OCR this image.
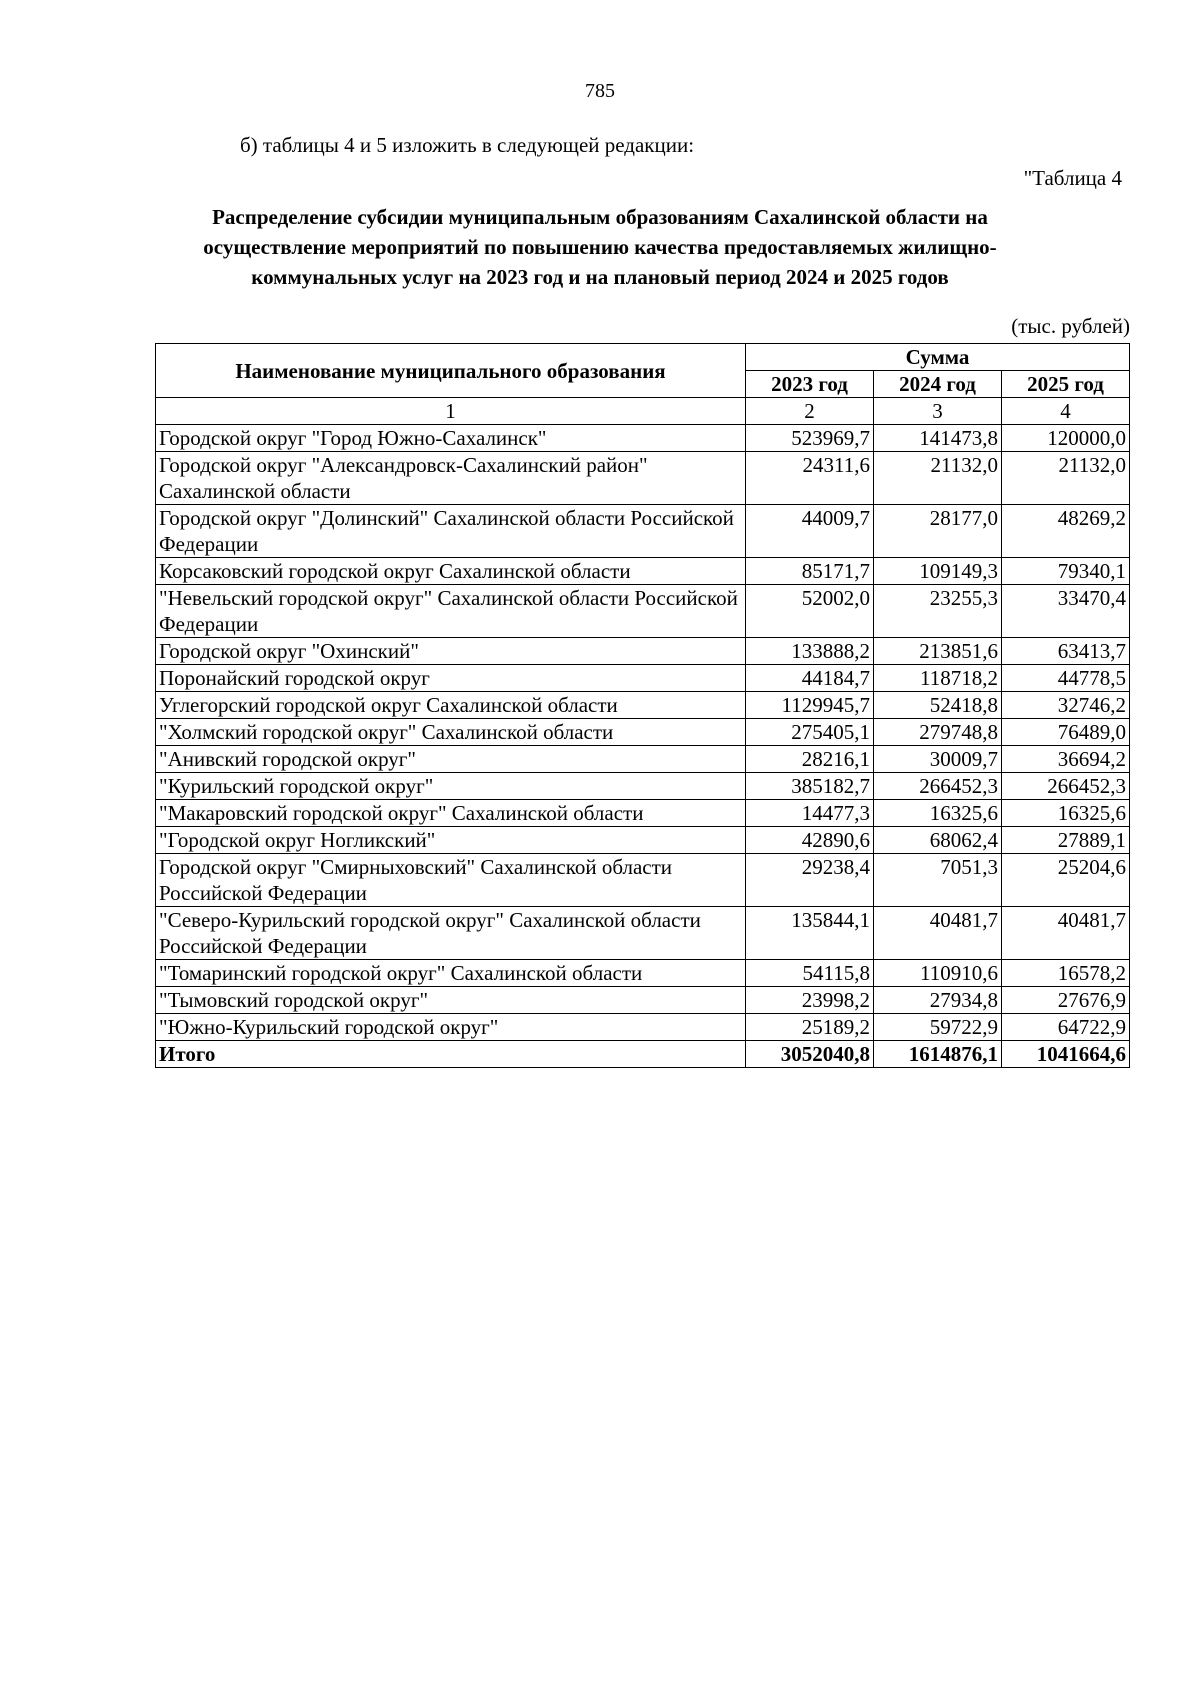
785
б) таблицы 4 и 5 изложить в следующей редакции:
"Таблица 4
Распределение субсидии муниципальным образованиям Сахалинской области на осуществление мероприятий по повышению качества предоставляемых жилищно-коммунальных услуг на 2023 год и на плановый период 2024 и 2025 годов
(тыс. рублей)
Наименование муниципального образования	Сумма		
	2023 год	2024 год	2025 год
1	2	3	4
Городской округ "Город Южно-Сахалинск"	523969,7	141473,8	120000,0
Городской округ "Александровск-Сахалинский район" Сахалинской области	24311,6	21132,0	21132,0
Городской округ "Долинский" Сахалинской области Российской Федерации	44009,7	28177,0	48269,2
Корсаковский городской округ Сахалинской области	85171,7	109149,3	79340,1
"Невельский городской округ" Сахалинской области Российской Федерации	52002,0	23255,3	33470,4
Городской округ "Охинский"	133888,2	213851,6	63413,7
Поронайский городской округ	44184,7	118718,2	44778,5
Углегорский городской округ Сахалинской области	1129945,7	52418,8	32746,2
"Холмский городской округ" Сахалинской области	275405,1	279748,8	76489,0
"Анивский городской округ"	28216,1	30009,7	36694,2
"Курильский городской округ"	385182,7	266452,3	266452,3
"Макаровский городской округ" Сахалинской области	14477,3	16325,6	16325,6
"Городской округ Ногликский"	42890,6	68062,4	27889,1
Городской округ "Смирныховский" Сахалинской области Российской Федерации	29238,4	7051,3	25204,6
"Северо-Курильский городской округ" Сахалинской области Российской Федерации	135844,1	40481,7	40481,7
"Томаринский городской округ" Сахалинской области	54115,8	110910,6	16578,2
"Тымовский городской округ"	23998,2	27934,8	27676,9
"Южно-Курильский городской округ"	25189,2	59722,9	64722,9
Итого	3052040,8	1614876,1	1041664,6
